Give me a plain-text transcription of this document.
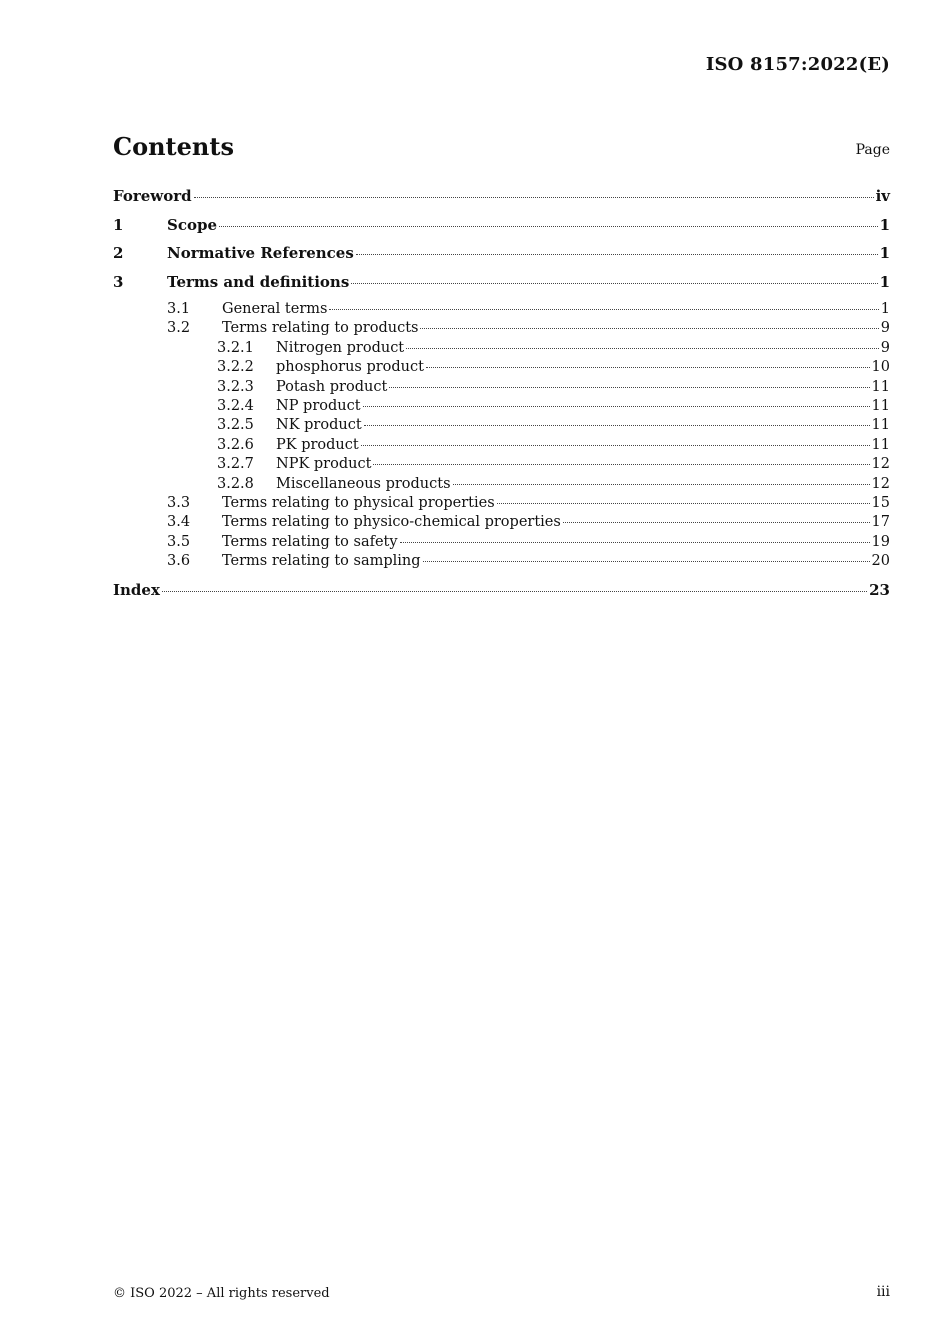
ISO 8157:2022(E)
Contents	Page
Foreword	iv
1	Scope	1
2	Normative References	1
3	Terms and definitions	1
3.1	General terms	1
3.2	Terms relating to products	9
3.2.1	Nitrogen product	9
3.2.2	phosphorus product	10
3.2.3	Potash product	11
3.2.4	NP product	11
3.2.5	NK product	11
3.2.6	PK product	11
3.2.7	NPK product	12
3.2.8	Miscellaneous products	12
3.3	Terms relating to physical properties	15
3.4	Terms relating to physico-chemical properties	17
3.5	Terms relating to safety	19
3.6	Terms relating to sampling	20
Index	23
© ISO 2022 – All rights reserved	iii
